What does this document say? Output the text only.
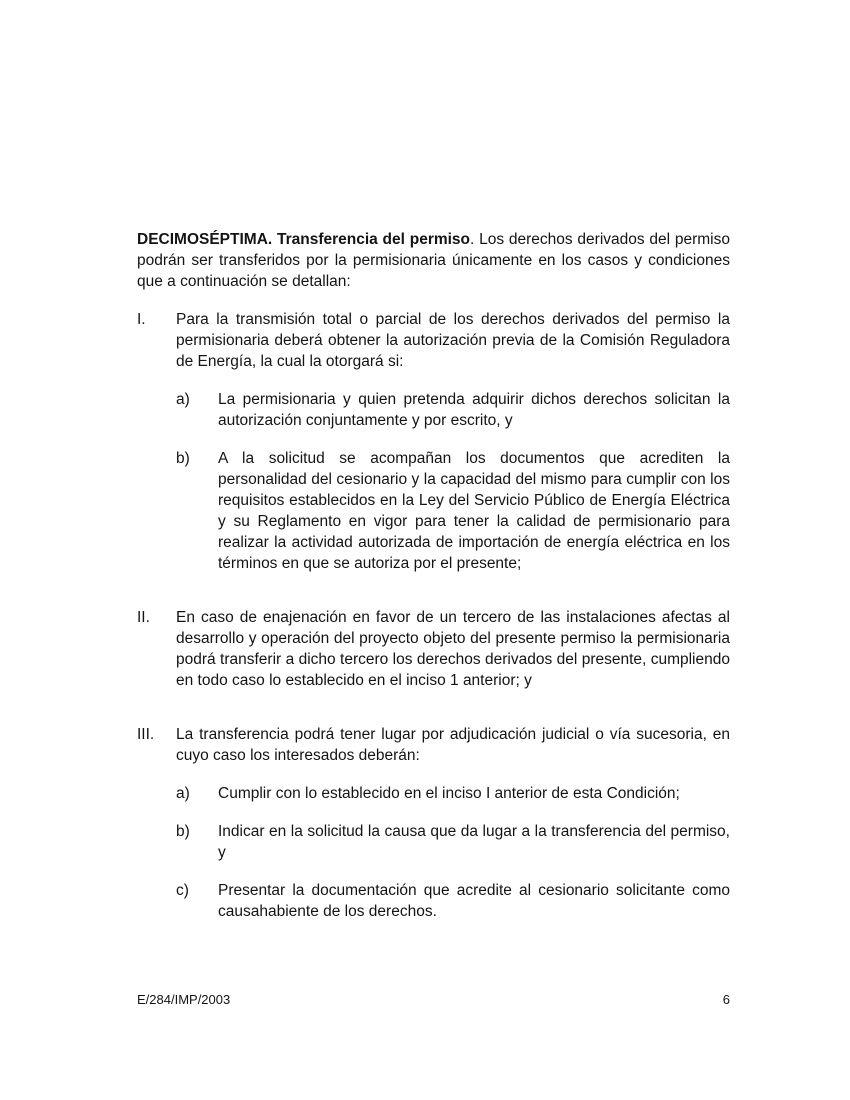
DECIMOSÉPTIMA. Transferencia del permiso. Los derechos derivados del permiso podrán ser transferidos por la permisionaria únicamente en los casos y condiciones que a continuación se detallan:

I.	Para la transmisión total o parcial de los derechos derivados del permiso la permisionaria deberá obtener la autorización previa de la Comisión Reguladora de Energía, la cual la otorgará si:

a)	La permisionaria y quien pretenda adquirir dichos derechos solicitan la autorización conjuntamente y por escrito, y

b)	A la solicitud se acompañan los documentos que acrediten la personalidad del cesionario y la capacidad del mismo para cumplir con los requisitos establecidos en la Ley del Servicio Público de Energía Eléctrica y su Reglamento en vigor para tener la calidad de permisionario para realizar la actividad autorizada de importación de energía eléctrica en los términos en que se autoriza por el presente;

II.	En caso de enajenación en favor de un tercero de las instalaciones afectas al desarrollo y operación del proyecto objeto del presente permiso la permisionaria podrá transferir a dicho tercero los derechos derivados del presente, cumpliendo en todo caso lo establecido en el inciso 1 anterior; y

III.	La transferencia podrá tener lugar por adjudicación judicial o vía sucesoria, en cuyo caso los interesados deberán:

a)	Cumplir con lo establecido en el inciso I anterior de esta Condición;

b)	Indicar en la solicitud la causa que da lugar a la transferencia del permiso, y

c)	Presentar la documentación que acredite al cesionario solicitante como causahabiente de los derechos.

E/284/IMP/2003	6
